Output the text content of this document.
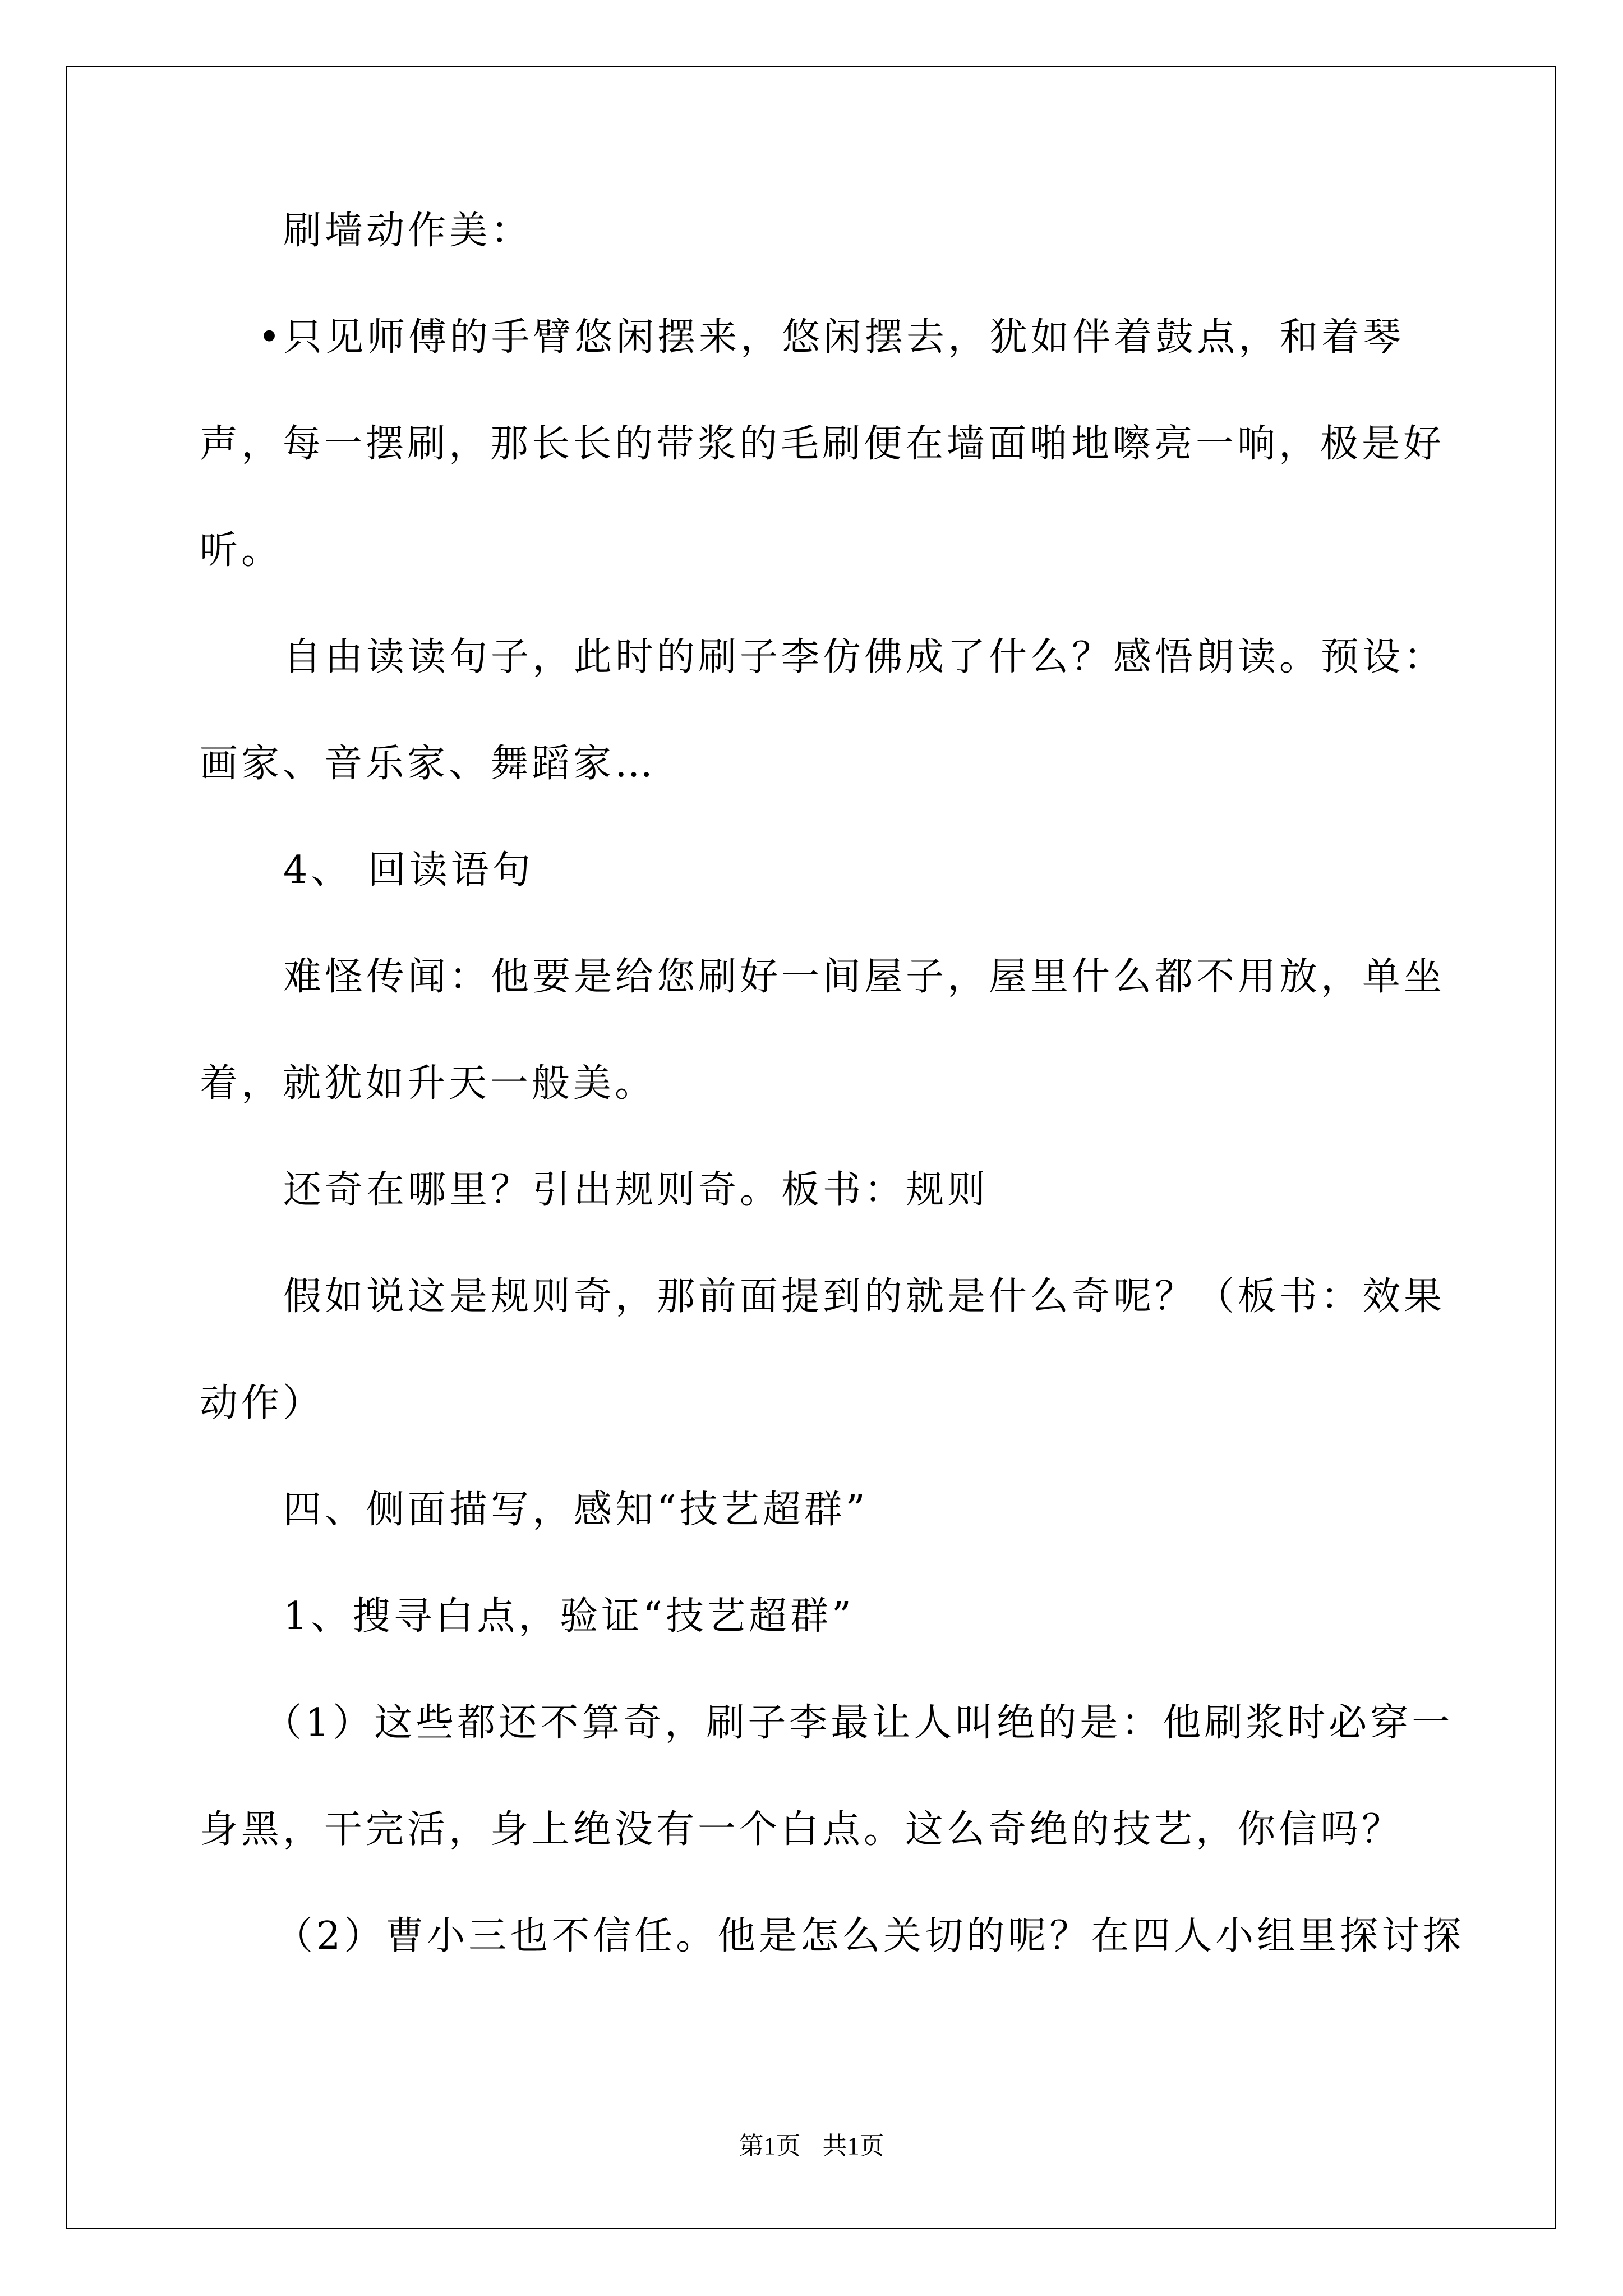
刷墙动作美：
•只见师傅的手臂悠闲摆来，悠闲摆去，犹如伴着鼓点，和着琴
声，每一摆刷，那长长的带浆的毛刷便在墙面啪地嚓亮一响，极是好
听。
自由读读句子，此时的刷子李仿佛成了什么？感悟朗读。预设：
画家、音乐家、舞蹈家…
4、 回读语句
难怪传闻：他要是给您刷好一间屋子，屋里什么都不用放，单坐
着，就犹如升天一般美。
还奇在哪里？引出规则奇。板书：规则
假如说这是规则奇，那前面提到的就是什么奇呢？（板书：效果
动作）
四、侧面描写，感知“技艺超群”
1、搜寻白点，验证“技艺超群”
（1）这些都还不算奇，刷子李最让人叫绝的是：他刷浆时必穿一
身黑，干完活，身上绝没有一个白点。这么奇绝的技艺，你信吗？
（2）曹小三也不信任。他是怎么关切的呢？在四人小组里探讨探
第1页 共1页
